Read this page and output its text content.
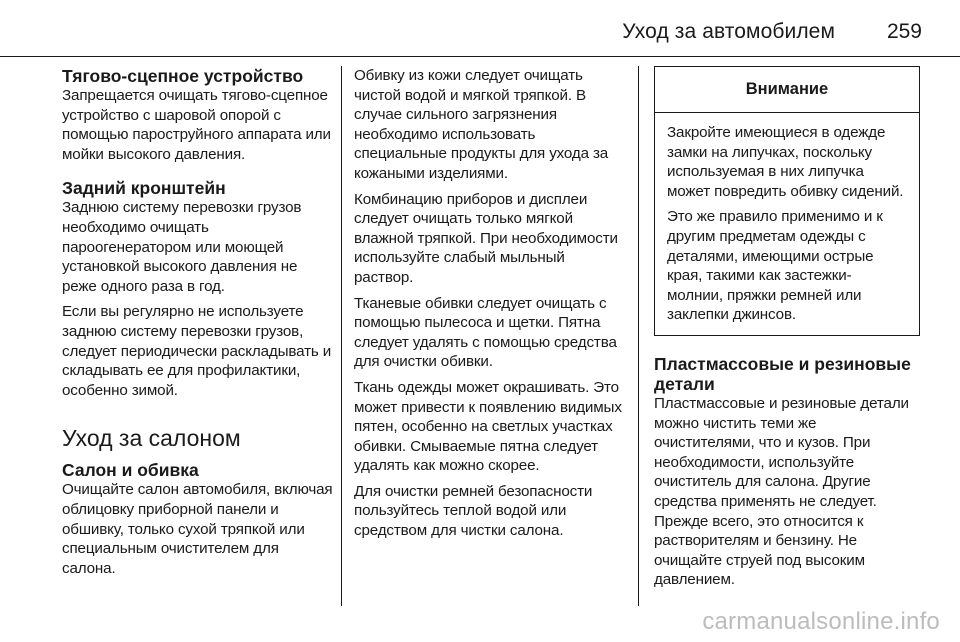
Уход за автомобилем 259
Тягово-сцепное устройство

Запрещается очищать тягово-сцепное устройство с шаровой опорой с помощью пароструйного аппарата или мойки высокого давления.

Задний кронштейн

Заднюю систему перевозки грузов необходимо очищать пароогенератором или моющей установкой высокого давления не реже одного раза в год.

Если вы регулярно не используете заднюю систему перевозки грузов, следует периодически раскладывать и складывать ее для профилактики, особенно зимой.

Уход за салоном
Салон и обивка

Очищайте салон автомобиля, включая облицовку приборной панели и обшивку, только сухой тряпкой или специальным очистителем для салона.

Обивку из кожи следует очищать чистой водой и мягкой тряпкой. В случае сильного загрязнения необходимо использовать специальные продукты для ухода за кожаными изделиями.

Комбинацию приборов и дисплеи следует очищать только мягкой влажной тряпкой. При необходимости используйте слабый мыльный раствор.

Тканевые обивки следует очищать с помощью пылесоса и щетки. Пятна следует удалять с помощью средства для очистки обивки.

Ткань одежды может окрашивать. Это может привести к появлению видимых пятен, особенно на светлых участках обивки. Смываемые пятна следует удалять как можно скорее.

Для очистки ремней безопасности пользуйтесь теплой водой или средством для чистки салона.

Внимание

Закройте имеющиеся в одежде замки на липучках, поскольку используемая в них липучка может повредить обивку сидений.

Это же правило применимо и к другим предметам одежды с деталями, имеющими острые края, такими как застежки-молнии, пряжки ремней или заклепки джинсов.

Пластмассовые и резиновые детали

Пластмассовые и резиновые детали можно чистить теми же очистителями, что и кузов. При необходимости, используйте очиститель для салона. Другие средства применять не следует. Прежде всего, это относится к растворителям и бензину. Не очищайте струей под высоким давлением.

carmanualsonline.info
